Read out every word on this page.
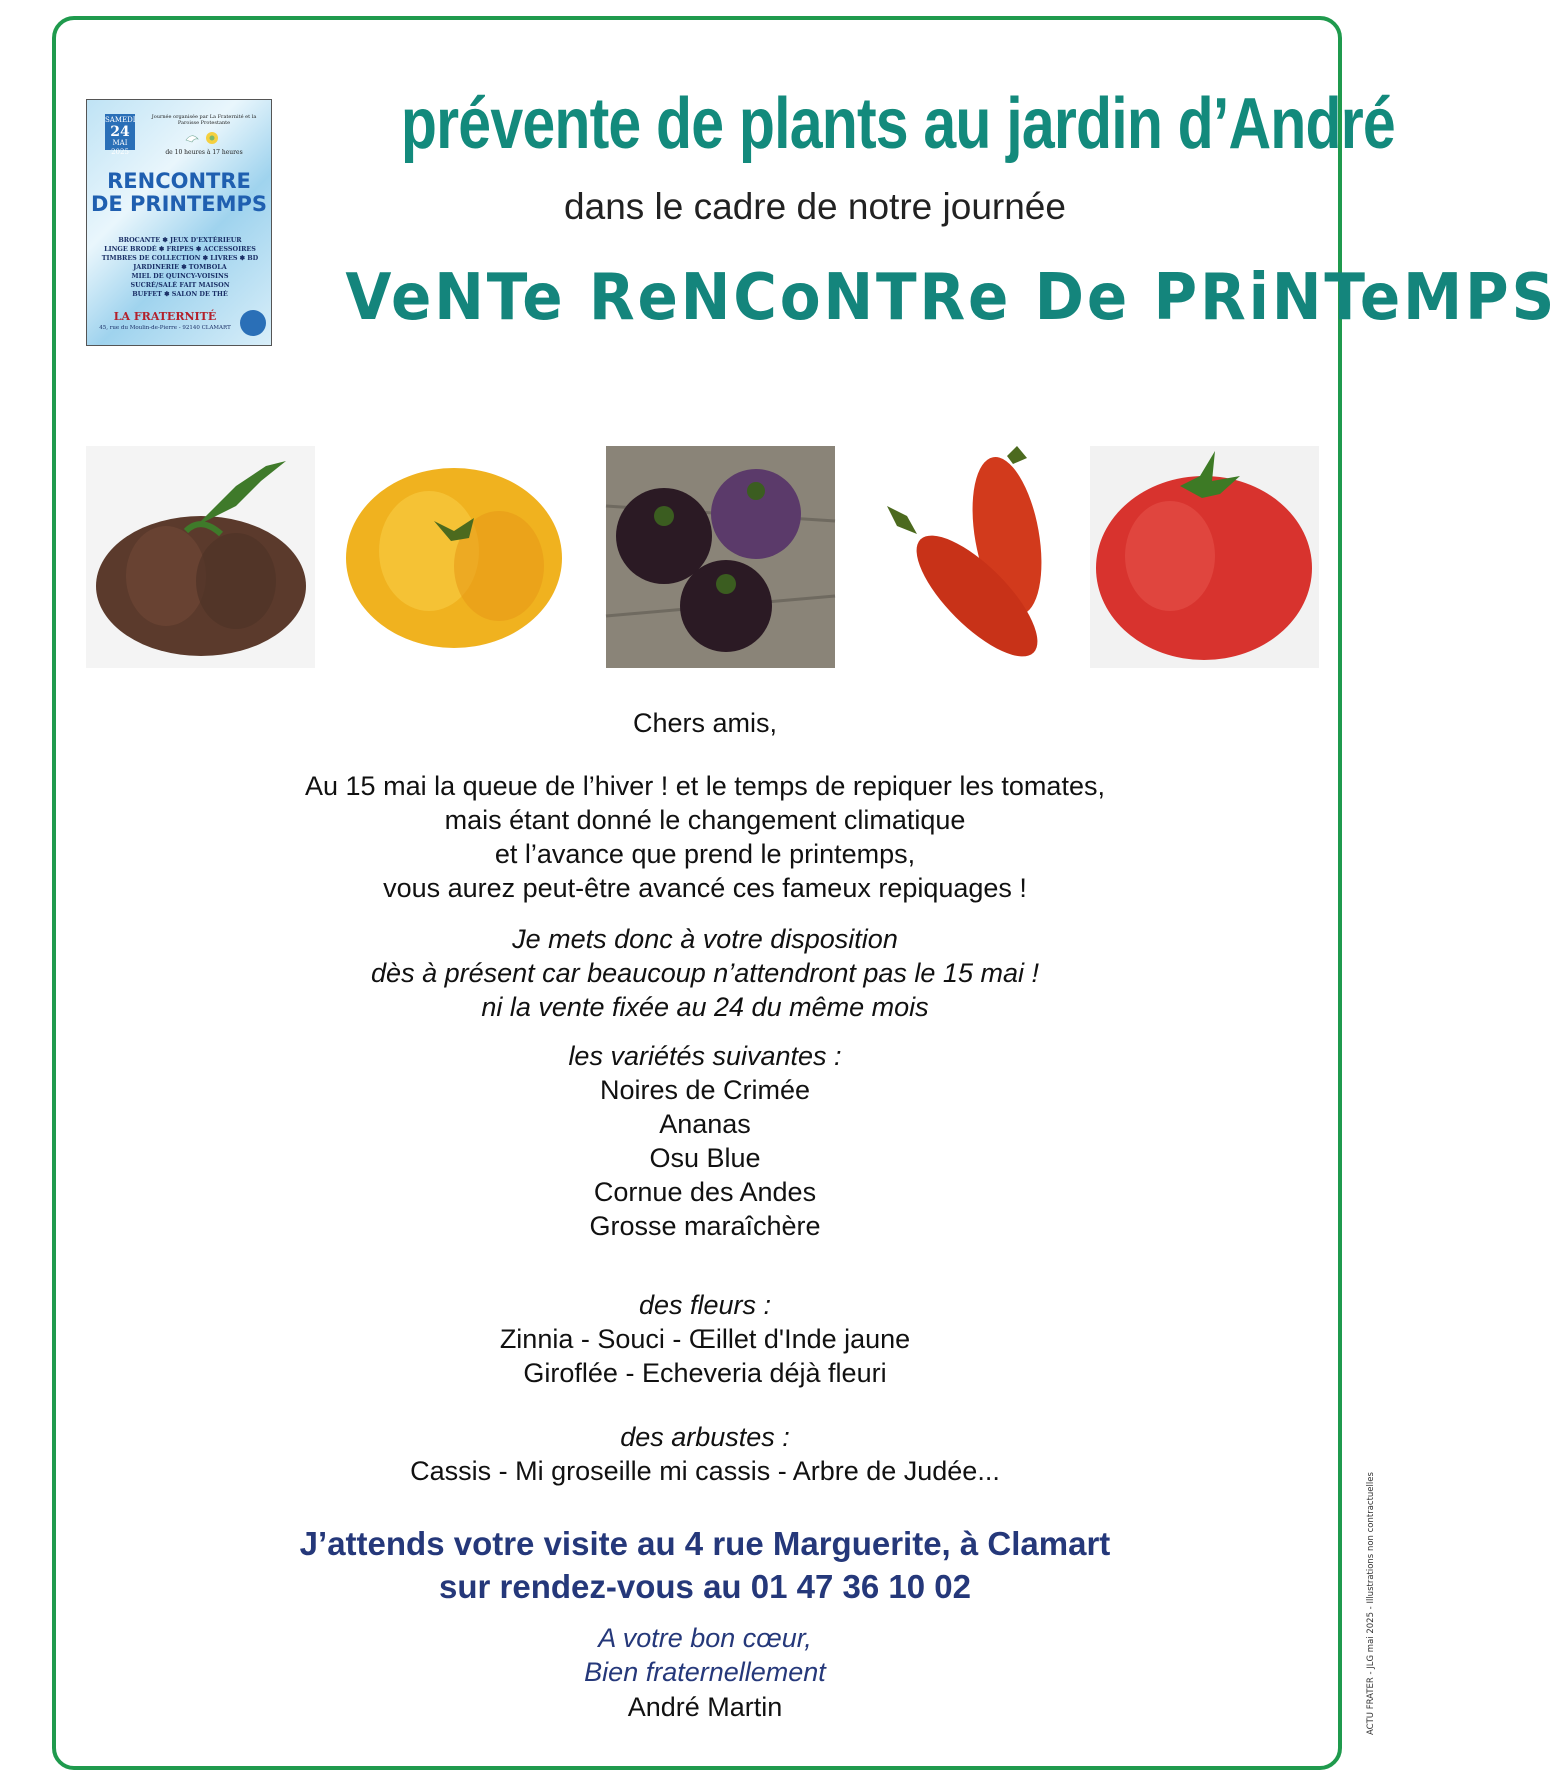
SAMEDI
24
MAI
2025
Journée organisée par La Fraternité et la Paroisse Protestante
de 10 heures à 17 heures
RENCONTRE
DE PRINTEMPS
BROCANTE ✽ JEUX D'EXTÉRIEUR
LINGE BRODÉ ✽ FRIPES ✽ ACCESSOIRES
TIMBRES DE COLLECTION ✽ LIVRES ✽ BD
JARDINERIE ✽ TOMBOLA
MIEL DE QUINCY-VOISINS
SUCRÉ/SALÉ FAIT MAISON
BUFFET ✽ SALON DE THÉ
LA FRATERNITÉ
45, rue du Moulin-de-Pierre - 92140 CLAMART
prévente de plants au jardin d’André
dans le cadre de notre journée
VeNTe ReNCoNTRe De PRiNTeMPS
Chers amis,
Au 15 mai la queue de l’hiver ! et le temps de repiquer les tomates,
mais étant donné le changement climatique
et l’avance que prend le printemps,
vous aurez peut-être avancé ces fameux repiquages !
Je mets donc à votre disposition
dès à présent car beaucoup n’attendront pas le 15 mai !
ni la vente fixée au 24 du même mois
les variétés suivantes :
Noires de Crimée
Ananas
Osu Blue
Cornue des Andes
Grosse maraîchère
des fleurs :
Zinnia - Souci - Œillet d'Inde jaune
Giroflée - Echeveria déjà fleuri
des arbustes :
Cassis - Mi groseille mi cassis - Arbre de Judée...
J’attends votre visite au 4 rue Marguerite, à Clamart
sur rendez-vous au 01 47 36 10 02
A votre bon cœur,
Bien fraternellement
André Martin	ACTU FRATER - JLG mai 2025 - Illustrations non contractuelles
